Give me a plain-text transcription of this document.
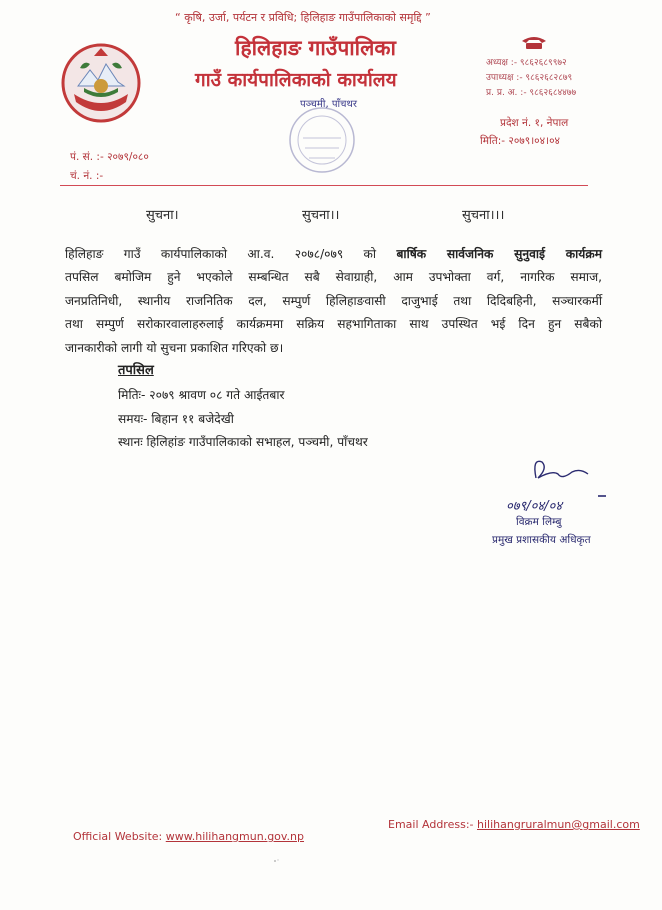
“ कृषि, उर्जा, पर्यटन र प्रविधि; हिलिहाङ गाउँपालिकाको समृद्दि ”
हिलिहाङ गाउँपालिका
गाउँ कार्यपालिकाको कार्यालय
पञ्चमी, पाँचथर
अध्यक्ष :- ९८६२६८९९७२
उपाध्यक्ष :- ९८६२६८२८७९
प्र. प्र. अ. :- ९८६२६८४४७७
प्रदेश नं. १, नेपाल
मिति:- २०७९।०४।०४
पं. सं. :- २०७९/०८०
चं. नं. :-
सुचना।	सुचना।।	सुचना।।।

हिलिहाङ गाउँ कार्यपालिकाको आ.व. २०७८/०७९ को बार्षिक सार्वजनिक सुनुवाई कार्यक्रम

तपसिल बमोजिम हुने भएकोले सम्बन्धित सबै सेवाग्राही, आम उपभोक्ता वर्ग, नागरिक समाज,

जनप्रतिनिधी, स्थानीय राजनितिक दल, सम्पुर्ण हिलिहाङवासी दाजुभाई तथा दिदिबहिनी, सञ्चारकर्मी

तथा सम्पुर्ण सरोकारवालाहरुलाई कार्यक्रममा सक्रिय सहभागिताका साथ उपस्थित भई दिन हुन सबैको

जानकारीको लागी यो सुचना प्रकाशित गरिएको छ।

तपसिल
मितिः- २०७९ श्रावण ०८ गते आईतबार
समयः- बिहान ११ बजेदेखी
स्थानः हिलिहांङ गाउँपालिकाको सभाहल, पञ्चमी, पाँचथर
०७९/०४/०४
विक्रम लिम्बु
प्रमुख प्रशासकीय अधिकृत
Official Website: www.hilihangmun.gov.np
Email Address:- hilihangruralmun@gmail.com
